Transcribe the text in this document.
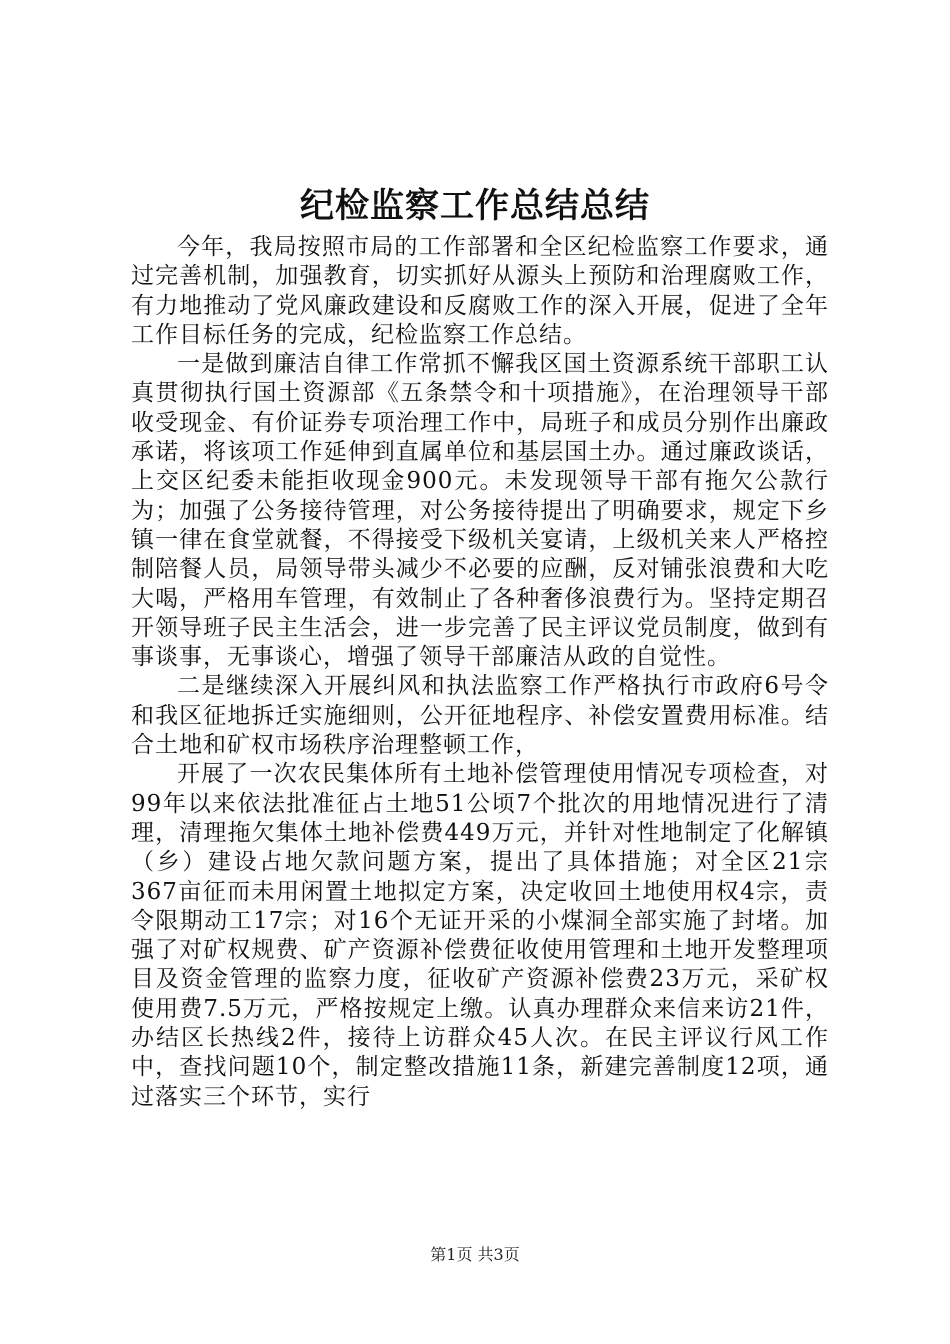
纪检监察工作总结总结

今年，我局按照市局的工作部署和全区纪检监察工作要求，通过完善机制，加强教育，切实抓好从源头上预防和治理腐败工作，有力地推动了党风廉政建设和反腐败工作的深入开展，促进了全年工作目标任务的完成，纪检监察工作总结。

一是做到廉洁自律工作常抓不懈我区国土资源系统干部职工认真贯彻执行国土资源部《五条禁令和十项措施》，在治理领导干部收受现金、有价证券专项治理工作中，局班子和成员分别作出廉政承诺，将该项工作延伸到直属单位和基层国土办。通过廉政谈话，上交区纪委未能拒收现金900元。未发现领导干部有拖欠公款行为；加强了公务接待管理，对公务接待提出了明确要求，规定下乡镇一律在食堂就餐，不得接受下级机关宴请，上级机关来人严格控制陪餐人员，局领导带头减少不必要的应酬，反对铺张浪费和大吃大喝，严格用车管理，有效制止了各种奢侈浪费行为。坚持定期召开领导班子民主生活会，进一步完善了民主评议党员制度，做到有事谈事，无事谈心，增强了领导干部廉洁从政的自觉性。

二是继续深入开展纠风和执法监察工作严格执行市政府6号令和我区征地拆迁实施细则，公开征地程序、补偿安置费用标准。结合土地和矿权市场秩序治理整顿工作，

开展了一次农民集体所有土地补偿管理使用情况专项检查，对99年以来依法批准征占土地51公顷7个批次的用地情况进行了清理，清理拖欠集体土地补偿费449万元，并针对性地制定了化解镇（乡）建设占地欠款问题方案，提出了具体措施；对全区21宗367亩征而未用闲置土地拟定方案，决定收回土地使用权4宗，责令限期动工17宗；对16个无证开采的小煤洞全部实施了封堵。加强了对矿权规费、矿产资源补偿费征收使用管理和土地开发整理项目及资金管理的监察力度，征收矿产资源补偿费23万元，采矿权使用费7.5万元，严格按规定上缴。认真办理群众来信来访21件，办结区长热线2件，接待上访群众45人次。在民主评议行风工作中，查找问题10个，制定整改措施11条，新建完善制度12项，通过落实三个环节，实行

第1页 共3页
